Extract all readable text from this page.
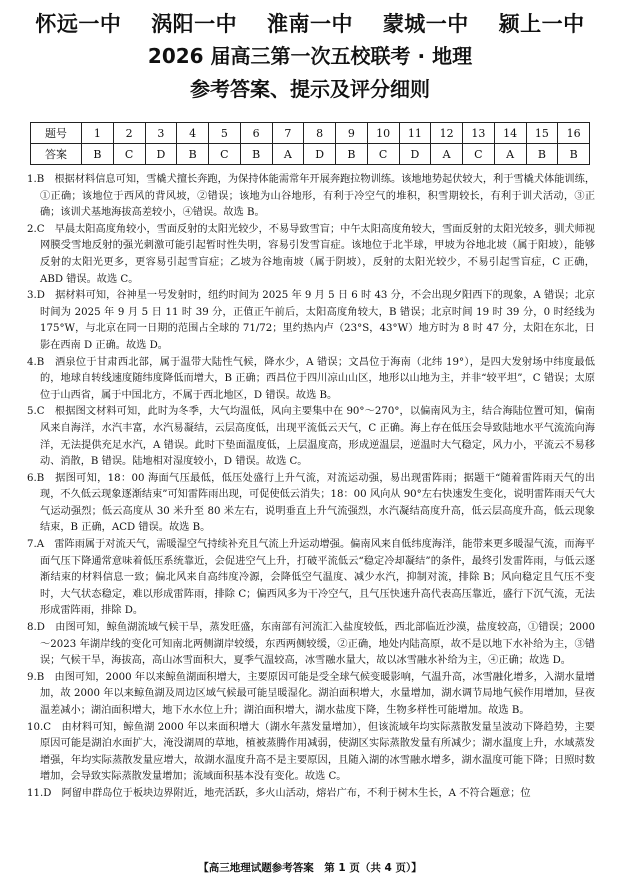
怀远一中 涡阳一中 淮南一中 蒙城一中 颍上一中
2026 届高三第一次五校联考 · 地理
参考答案、提示及评分细则
题号	1	2	3	4	5	6	7	8	9	10	11	12	13	14	15	16
答案	B	C	D	B	C	B	A	D	B	C	D	A	C	A	B	B

1.B　 根据材料信息可知，雪橇犬擅长奔跑，为保持体能需常年开展奔跑拉物训练。该地地势起伏较大，利于雪橇犬体能训练，①正确；该地位于西风的背风坡，②错误；该地为山谷地形，有利于冷空气的堆积，积雪期较长，有利于训犬活动，③正确；该训犬基地海拔高差较小，④错误。故选 B。

2.C　 早晨太阳高度角较小，雪面反射的太阳光较少，不易导致雪盲；中午太阳高度角较大，雪面反射的太阳光较多，驯犬师视网膜受雪地反射的强光刺激可能引起暂时性失明，容易引发雪盲症。该地位于北半球，甲坡为谷地北坡（属于阳坡），能够反射的太阳光更多，更容易引起雪盲症；乙坡为谷地南坡（属于阴坡），反射的太阳光较少，不易引起雪盲症，C 正确，ABD 错误。故选 C。

3.D　 据材料可知，谷神星一号发射时，纽约时间为 2025 年 9 月 5 日 6 时 43 分，不会出现夕阳西下的现象，A 错误；北京时间为 2025 年 9 月 5 日 11 时 39 分，正值正午前后，太阳高度角较大，B 错误；北京时间 19 时 39 分，0 时经线为 175°W，与北京在同一日期的范围占全球的 71/72；里约热内卢（23°S，43°W）地方时为 8 时 47 分，太阳在东北，日影在西南 D 正确。故选 D。

4.B　 酒泉位于甘肃西北部，属于温带大陆性气候，降水少，A 错误；文昌位于海南（北纬 19°），是四大发射场中纬度最低的，地球自转线速度随纬度降低而增大，B 正确；西昌位于四川凉山山区，地形以山地为主，并非“较平坦”，C 错误；太原位于山西省，属于中国北方，不属于西北地区，D 错误。故选 B。

5.C　 根据图文材料可知，此时为冬季，大气均温低，风向主要集中在 90°～270°，以偏南风为主，结合海陆位置可知，偏南风来自海洋，水汽丰富，水汽易凝结，云层高度低，出现平流低云天气，C 正确。海上存在低压会导致陆地水平气流流向海洋，无法提供充足水汽，A 错误。此时下垫面温度低，上层温度高，形成逆温层，逆温时大气稳定，风力小，平流云不易移动、消散，B 错误。陆地相对湿度较小，D 错误。故选 C。

6.B　 据图可知，18：00 海面气压最低，低压处盛行上升气流，对流运动强，易出现雷阵雨；据题干“随着雷阵雨天气的出现，不久低云现象逐渐结束”可知雷阵雨出现，可促使低云消失；18：00 风向从 90°左右快速发生变化，说明雷阵雨天气大气运动强烈；低云高度从 30 米升至 80 米左右，说明垂直上升气流强烈，水汽凝结高度升高，低云层高度升高，低云现象结束，B 正确，ACD 错误。故选 B。

7.A　 雷阵雨属于对流天气，需暖湿空气持续补充且气流上升运动增强。偏南风来自低纬度海洋，能带来更多暖湿气流，而海平面气压下降通常意味着低压系统靠近，会促进空气上升，打破平流低云“稳定冷却凝结”的条件，最终引发雷阵雨，与低云逐渐结束的材料信息一致；偏北风来自高纬度冷源，会降低空气温度、减少水汽，抑制对流，排除 B；风向稳定且气压不变时，大气状态稳定，难以形成雷阵雨，排除 C；偏西风多为干冷空气，且气压快速升高代表高压靠近，盛行下沉气流，无法形成雷阵雨，排除 D。

8.D　 由图可知，鲸鱼湖流域气候干旱，蒸发旺盛，东南部有河流汇入盐度较低，西北部临近沙漠，盐度较高，①错误；2000～2023 年湖岸线的变化可知南北两侧湖岸较缓，东西两侧较缓，②正确，地处内陆高原，故不是以地下水补给为主，③错误；气候干旱，海拔高，高山冰雪面积大，夏季气温较高，冰雪融水量大，故以冰雪融水补给为主，④正确；故选 D。

9.B　 由图可知，2000 年以来鲸鱼湖面积增大，主要原因可能是受全球气候变暖影响，气温升高，冰雪融化增多，入湖水量增加，故 2000 年以来鲸鱼湖及周边区域气候最可能呈暖湿化。湖泊面积增大，水量增加，湖水调节局地气候作用增加，昼夜温差减小；湖泊面积增大，地下水水位上升；湖泊面积增大，湖水盐度下降，生物多样性可能增加。故选 B。

10.C　 由材料可知，鲸鱼湖 2000 年以来面积增大（湖水年蒸发量增加），但该流域年均实际蒸散发量呈波动下降趋势，主要原因可能是湖泊水面扩大，淹没湖周的草地，植被蒸腾作用减弱，使湖区实际蒸散发量有所减少；湖水温度上升，水域蒸发增强，年均实际蒸散发量应增大，故湖水温度升高不是主要原因，且随入湖的冰雪融水增多，湖水温度可能下降；日照时数增加，会导致实际蒸散发量增加；流域面积基本没有变化。故选 C。

11.D　 阿留申群岛位于板块边界附近，地壳活跃，多火山活动，熔岩广布，不利于树木生长，A 不符合题意；位

【高三地理试题参考答案　第 1 页（共 4 页）】
